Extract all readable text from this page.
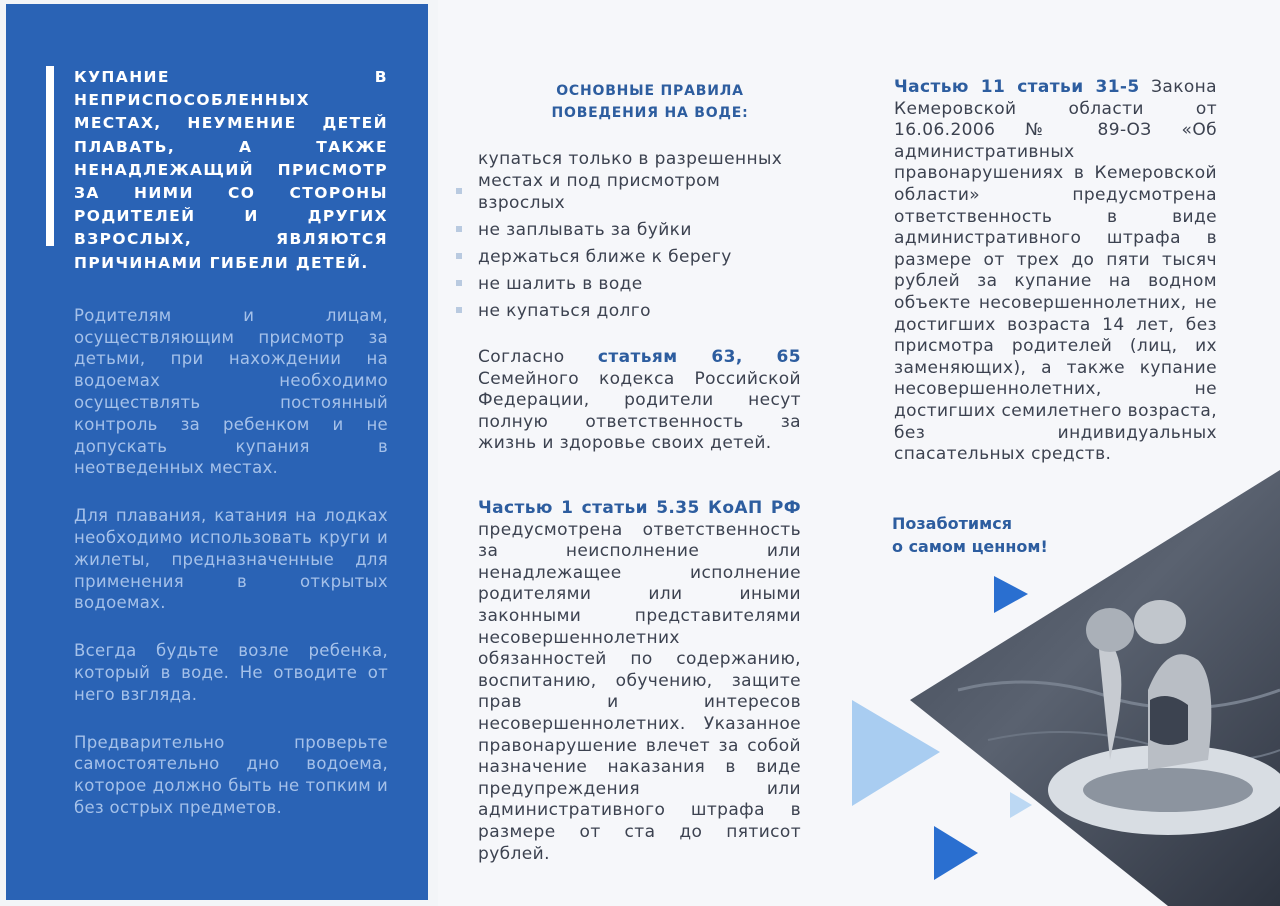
КУПАНИЕ В НЕПРИСПОСОБЛЕННЫХ МЕСТАХ, НЕУМЕНИЕ ДЕТЕЙ ПЛАВАТЬ, А ТАКЖЕ НЕНАДЛЕЖАЩИЙ ПРИСМОТР ЗА НИМИ СО СТОРОНЫ РОДИТЕЛЕЙ И ДРУГИХ ВЗРОСЛЫХ, ЯВЛЯЮТСЯ ПРИЧИНАМИ ГИБЕЛИ ДЕТЕЙ.

Родителям и лицам, осуществляющим присмотр за детьми, при нахождении на водоемах необходимо осуществлять постоянный контроль за ребенком и не допускать купания в неотведенных местах.

Для плавания, катания на лодках необходимо использовать круги и жилеты, предназначенные для применения в открытых водоемах.

Всегда будьте возле ребенка, который в воде. Не отводите от него взгляда.

Предварительно проверьте самостоятельно дно водоема, которое должно быть не топким и без острых предметов.

ОСНОВНЫЕ ПРАВИЛА ПОВЕДЕНИЯ НА ВОДЕ:
купаться только в разрешенных местах и под присмотром взрослых
не заплывать за буйки
держаться ближе к берегу
не шалить в воде
не купаться долго

Согласно статьям 63, 65 Семейного кодекса Российской Федерации, родители несут полную ответственность за жизнь и здоровье своих детей.

Частью 1 статьи 5.35 КоАП РФ предусмотрена ответственность за неисполнение или ненадлежащее исполнение родителями или иными законными представителями несовершеннолетних обязанностей по содержанию, воспитанию, обучению, защите прав и интересов несовершеннолетних. Указанное правонарушение влечет за собой назначение наказания в виде предупреждения или административного штрафа в размере от ста до пятисот рублей.

Частью 11 статьи 31-5 Закона Кемеровской области от 16.06.2006 № 89-ОЗ «Об административных правонарушениях в Кемеровской области» предусмотрена ответственность в виде административного штрафа в размере от трех до пяти тысяч рублей за купание на водном объекте несовершеннолетних, не достигших возраста 14 лет, без присмотра родителей (лиц, их заменяющих), а также купание несовершеннолетних, не достигших семилетнего возраста, без индивидуальных спасательных средств.

Позаботимся
о самом ценном!
